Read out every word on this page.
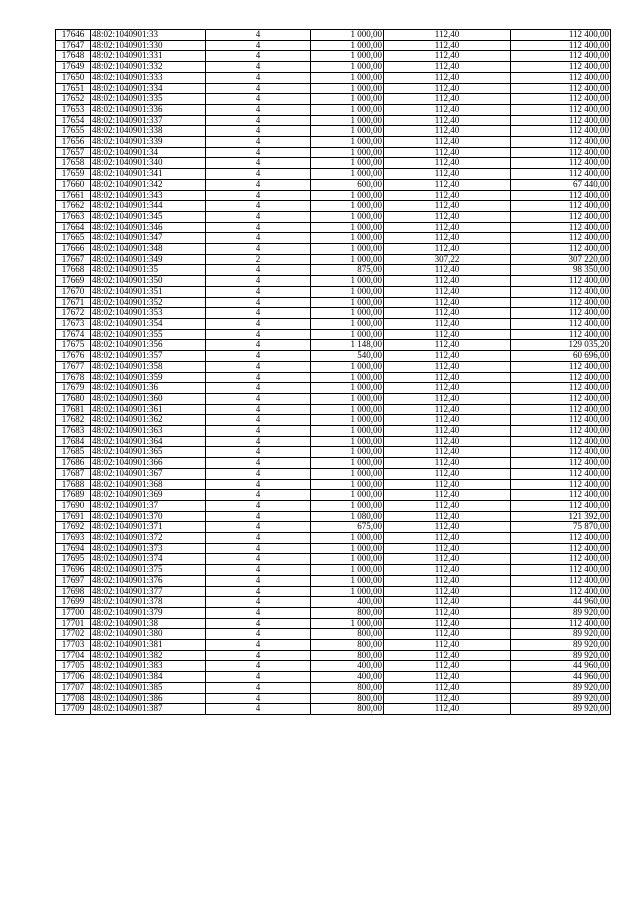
17646	48:02:1040901:33	4	1 000,00	112,40	112 400,00
17647	48:02:1040901:330	4	1 000,00	112,40	112 400,00
17648	48:02:1040901:331	4	1 000,00	112,40	112 400,00
17649	48:02:1040901:332	4	1 000,00	112,40	112 400,00
17650	48:02:1040901:333	4	1 000,00	112,40	112 400,00
17651	48:02:1040901:334	4	1 000,00	112,40	112 400,00
17652	48:02:1040901:335	4	1 000,00	112,40	112 400,00
17653	48:02:1040901:336	4	1 000,00	112,40	112 400,00
17654	48:02:1040901:337	4	1 000,00	112,40	112 400,00
17655	48:02:1040901:338	4	1 000,00	112,40	112 400,00
17656	48:02:1040901:339	4	1 000,00	112,40	112 400,00
17657	48:02:1040901:34	4	1 000,00	112,40	112 400,00
17658	48:02:1040901:340	4	1 000,00	112,40	112 400,00
17659	48:02:1040901:341	4	1 000,00	112,40	112 400,00
17660	48:02:1040901:342	4	600,00	112,40	67 440,00
17661	48:02:1040901:343	4	1 000,00	112,40	112 400,00
17662	48:02:1040901:344	4	1 000,00	112,40	112 400,00
17663	48:02:1040901:345	4	1 000,00	112,40	112 400,00
17664	48:02:1040901:346	4	1 000,00	112,40	112 400,00
17665	48:02:1040901:347	4	1 000,00	112,40	112 400,00
17666	48:02:1040901:348	4	1 000,00	112,40	112 400,00
17667	48:02:1040901:349	2	1 000,00	307,22	307 220,00
17668	48:02:1040901:35	4	875,00	112,40	98 350,00
17669	48:02:1040901:350	4	1 000,00	112,40	112 400,00
17670	48:02:1040901:351	4	1 000,00	112,40	112 400,00
17671	48:02:1040901:352	4	1 000,00	112,40	112 400,00
17672	48:02:1040901:353	4	1 000,00	112,40	112 400,00
17673	48:02:1040901:354	4	1 000,00	112,40	112 400,00
17674	48:02:1040901:355	4	1 000,00	112,40	112 400,00
17675	48:02:1040901:356	4	1 148,00	112,40	129 035,20
17676	48:02:1040901:357	4	540,00	112,40	60 696,00
17677	48:02:1040901:358	4	1 000,00	112,40	112 400,00
17678	48:02:1040901:359	4	1 000,00	112,40	112 400,00
17679	48:02:1040901:36	4	1 000,00	112,40	112 400,00
17680	48:02:1040901:360	4	1 000,00	112,40	112 400,00
17681	48:02:1040901:361	4	1 000,00	112,40	112 400,00
17682	48:02:1040901:362	4	1 000,00	112,40	112 400,00
17683	48:02:1040901:363	4	1 000,00	112,40	112 400,00
17684	48:02:1040901:364	4	1 000,00	112,40	112 400,00
17685	48:02:1040901:365	4	1 000,00	112,40	112 400,00
17686	48:02:1040901:366	4	1 000,00	112,40	112 400,00
17687	48:02:1040901:367	4	1 000,00	112,40	112 400,00
17688	48:02:1040901:368	4	1 000,00	112,40	112 400,00
17689	48:02:1040901:369	4	1 000,00	112,40	112 400,00
17690	48:02:1040901:37	4	1 000,00	112,40	112 400,00
17691	48:02:1040901:370	4	1 080,00	112,40	121 392,00
17692	48:02:1040901:371	4	675,00	112,40	75 870,00
17693	48:02:1040901:372	4	1 000,00	112,40	112 400,00
17694	48:02:1040901:373	4	1 000,00	112,40	112 400,00
17695	48:02:1040901:374	4	1 000,00	112,40	112 400,00
17696	48:02:1040901:375	4	1 000,00	112,40	112 400,00
17697	48:02:1040901:376	4	1 000,00	112,40	112 400,00
17698	48:02:1040901:377	4	1 000,00	112,40	112 400,00
17699	48:02:1040901:378	4	400,00	112,40	44 960,00
17700	48:02:1040901:379	4	800,00	112,40	89 920,00
17701	48:02:1040901:38	4	1 000,00	112,40	112 400,00
17702	48:02:1040901:380	4	800,00	112,40	89 920,00
17703	48:02:1040901:381	4	800,00	112,40	89 920,00
17704	48:02:1040901:382	4	800,00	112,40	89 920,00
17705	48:02:1040901:383	4	400,00	112,40	44 960,00
17706	48:02:1040901:384	4	400,00	112,40	44 960,00
17707	48:02:1040901:385	4	800,00	112,40	89 920,00
17708	48:02:1040901:386	4	800,00	112,40	89 920,00
17709	48:02:1040901:387	4	800,00	112,40	89 920,00
